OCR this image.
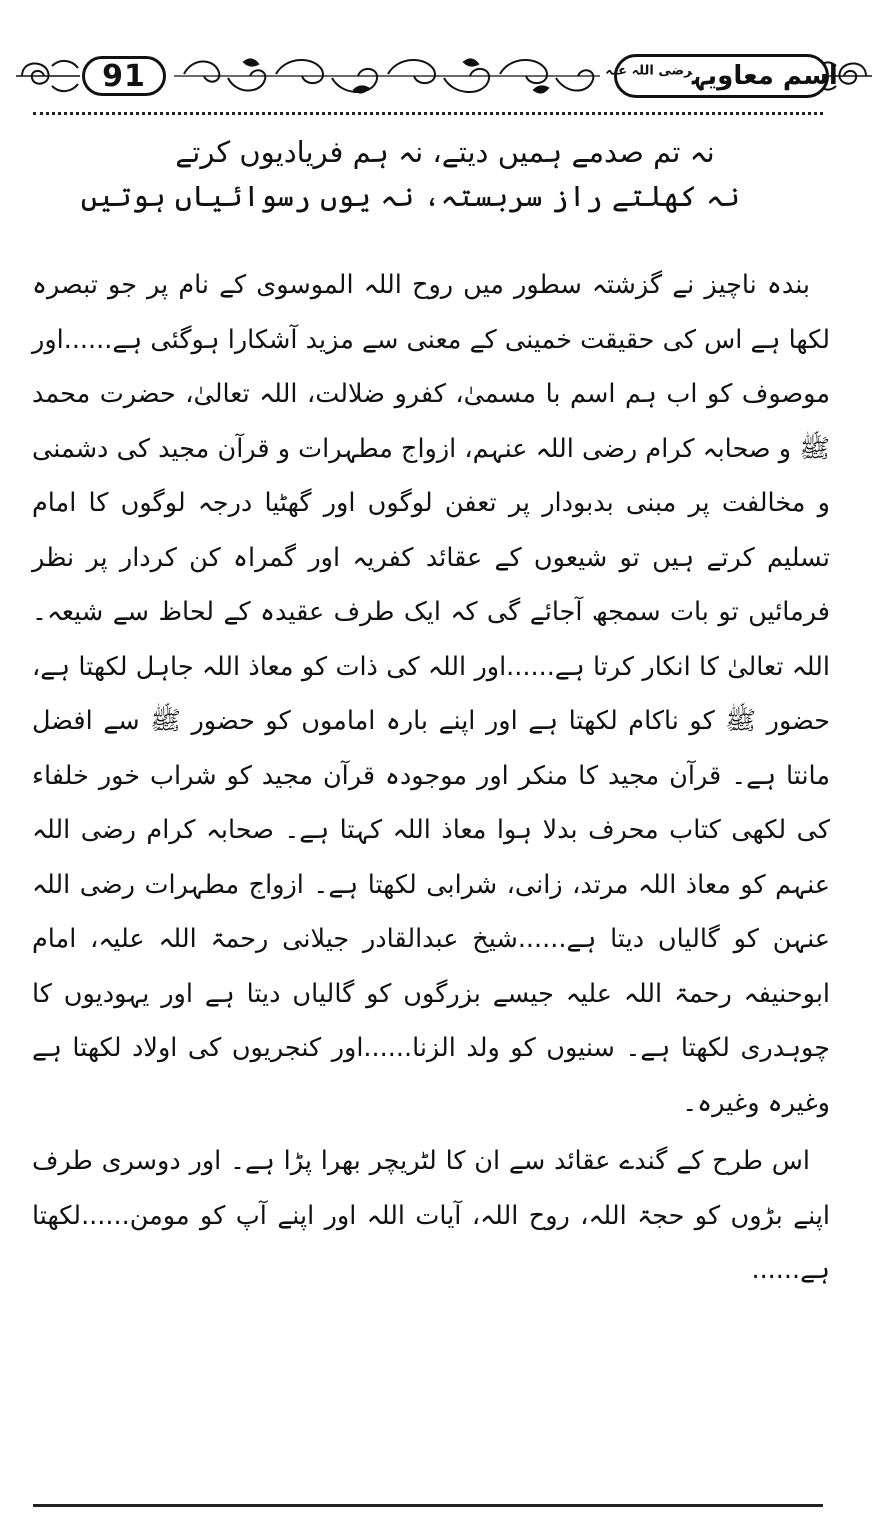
91	اسم معاویہ$^{رضی اللہ عنہ}$
نہ تم صدمے ہمیں دیتے، نہ ہم فریادیوں کرتے
نہ کھلتے راز سربستہ، نہ یوں رسوائیاں ہوتیں

بندہ ناچیز نے گزشتہ سطور میں روح اللہ الموسوی کے نام پر جو تبصرہ لکھا ہے اس کی حقیقت خمینی کے معنی سے مزید آشکارا ہوگئی ہے......اور موصوف کو اب ہم اسم با مسمیٰ، کفرو ضلالت، اللہ تعالیٰ، حضرت محمد ﷺ و صحابہ کرام رضی اللہ عنہم، ازواج مطہرات و قرآن مجید کی دشمنی و مخالفت پر مبنی بدبودار پر تعفن لوگوں اور گھٹیا درجہ لوگوں کا امام تسلیم کرتے ہیں تو شیعوں کے عقائد کفریہ اور گمراہ کن کردار پر نظر فرمائیں تو بات سمجھ آجائے گی کہ ایک طرف عقیدہ کے لحاظ سے شیعہ۔ اللہ تعالیٰ کا انکار کرتا ہے......اور اللہ کی ذات کو معاذ اللہ جاہل لکھتا ہے، حضور ﷺ کو ناکام لکھتا ہے اور اپنے بارہ اماموں کو حضور ﷺ سے افضل مانتا ہے۔ قرآن مجید کا منکر اور موجودہ قرآن مجید کو شراب خور خلفاء کی لکھی کتاب محرف بدلا ہوا معاذ اللہ کہتا ہے۔ صحابہ کرام رضی اللہ عنہم کو معاذ اللہ مرتد، زانی، شرابی لکھتا ہے۔ ازواج مطہرات رضی اللہ عنہن کو گالیاں دیتا ہے......شیخ عبدالقادر جیلانی رحمۃ اللہ علیہ، امام ابوحنیفہ رحمۃ اللہ علیہ جیسے بزرگوں کو گالیاں دیتا ہے اور یہودیوں کا چوہدری لکھتا ہے۔ سنیوں کو ولد الزنا......اور کنجریوں کی اولاد لکھتا ہے وغیرہ وغیرہ۔

اس طرح کے گندے عقائد سے ان کا لٹریچر بھرا پڑا ہے۔ اور دوسری طرف اپنے بڑوں کو حجۃ اللہ، روح اللہ، آیات اللہ اور اپنے آپ کو مومن......لکھتا ہے......
